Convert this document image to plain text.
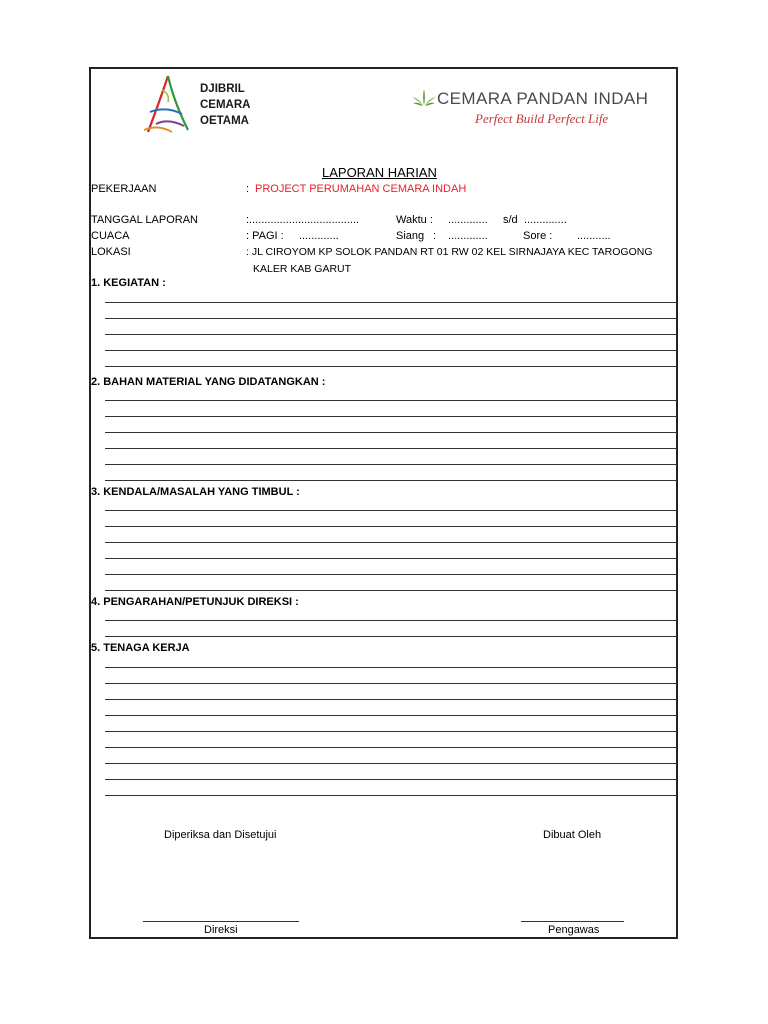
DJIBRIL
CEMARA
OETAMA
CEMARA PANDAN INDAH
Perfect Build Perfect Life
LAPORAN HARIAN
PEKERJAAN	: PROJECT PERUMAHAN CEMARA INDAH
TANGGAL LAPORAN	:....................................	Waktu : ............. s/d ..............
CUACA	: PAGI : .............	Siang : .............	Sore : ...........
LOKASI	: JL CIROYOM KP SOLOK PANDAN RT 01 RW 02 KEL SIRNAJAYA KEC TAROGONG
KALER KAB GARUT
1. KEGIATAN :
2. BAHAN MATERIAL YANG DIDATANGKAN :
3. KENDALA/MASALAH YANG TIMBUL :
4. PENGARAHAN/PETUNJUK DIREKSI :
5. TENAGA KERJA
Diperiksa dan Disetujui	Dibuat Oleh
Direksi	Pengawas
